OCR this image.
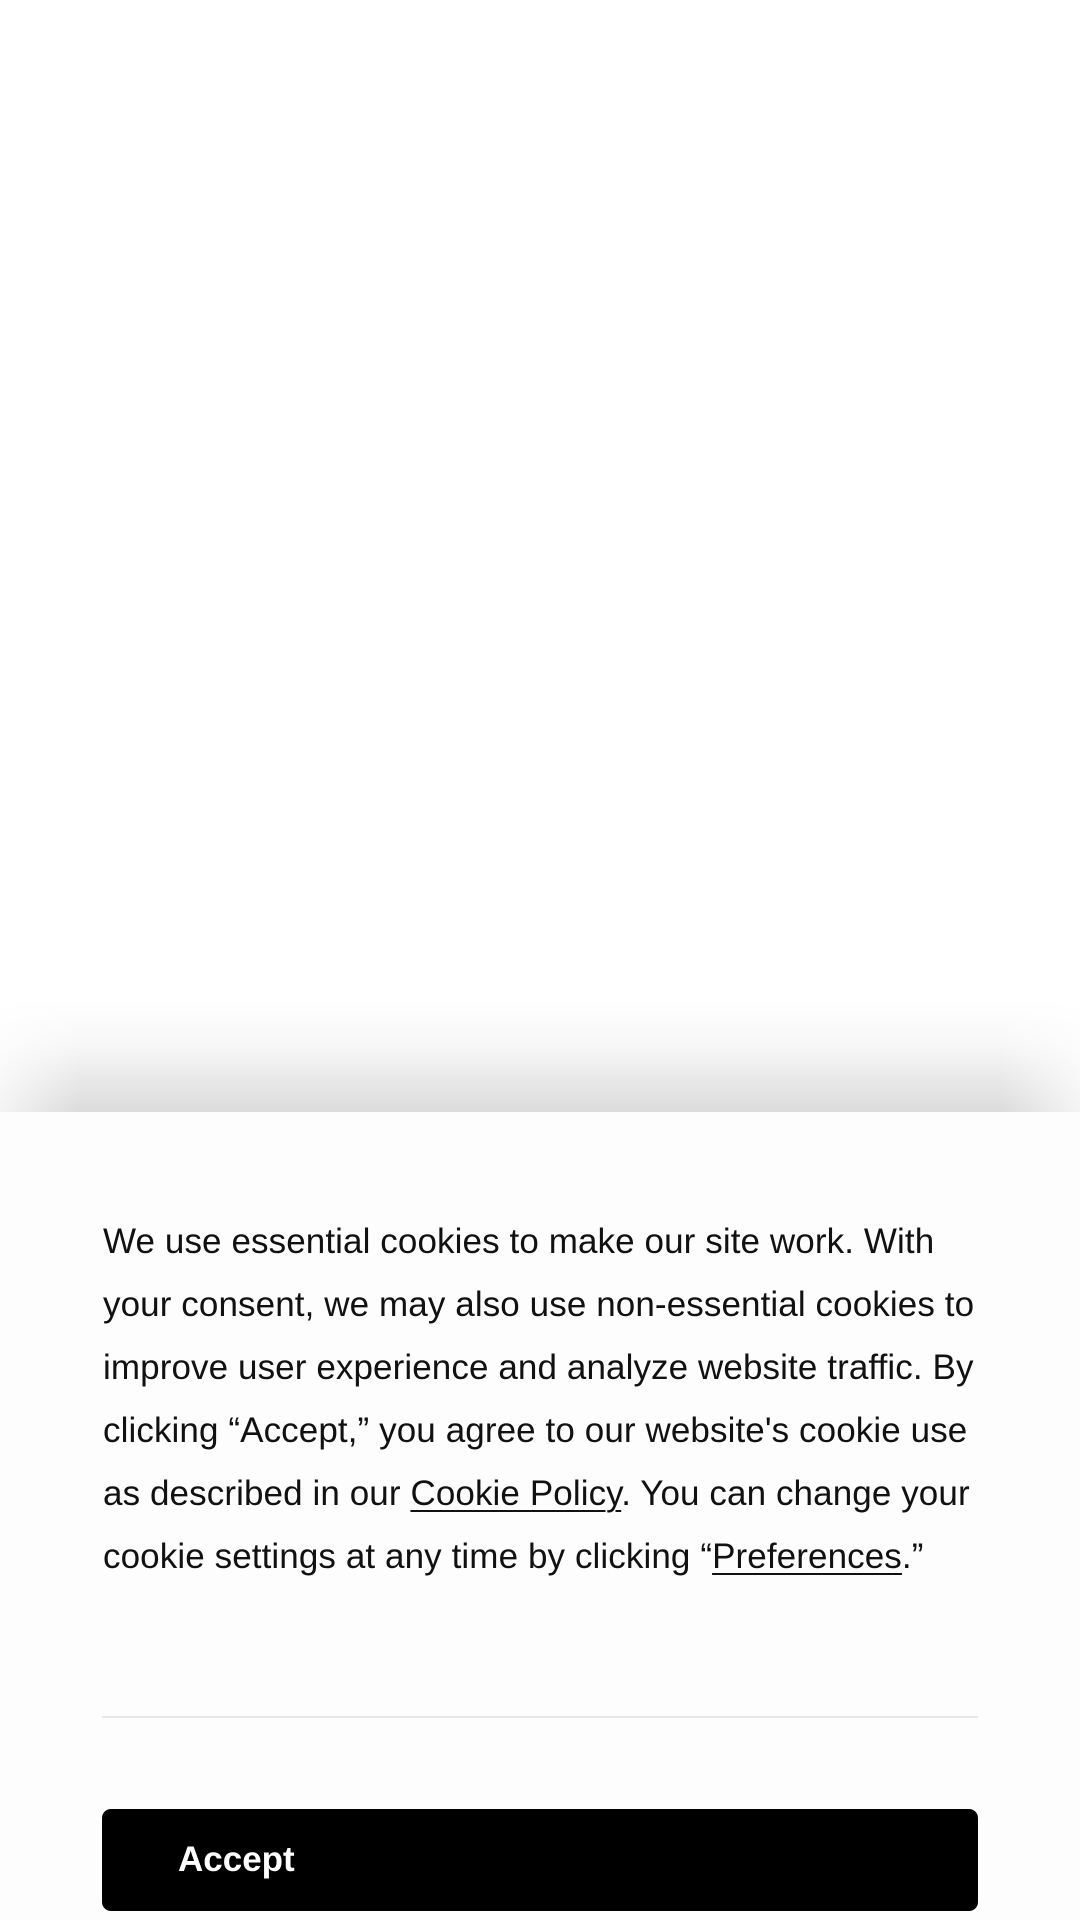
We use essential cookies to make our site work. With your consent, we may also use non-essential cookies to improve user experience and analyze website traffic. By clicking “Accept,” you agree to our website's cookie use as described in our Cookie Policy. You can change your cookie settings at any time by clicking “Preferences.”

Accept
